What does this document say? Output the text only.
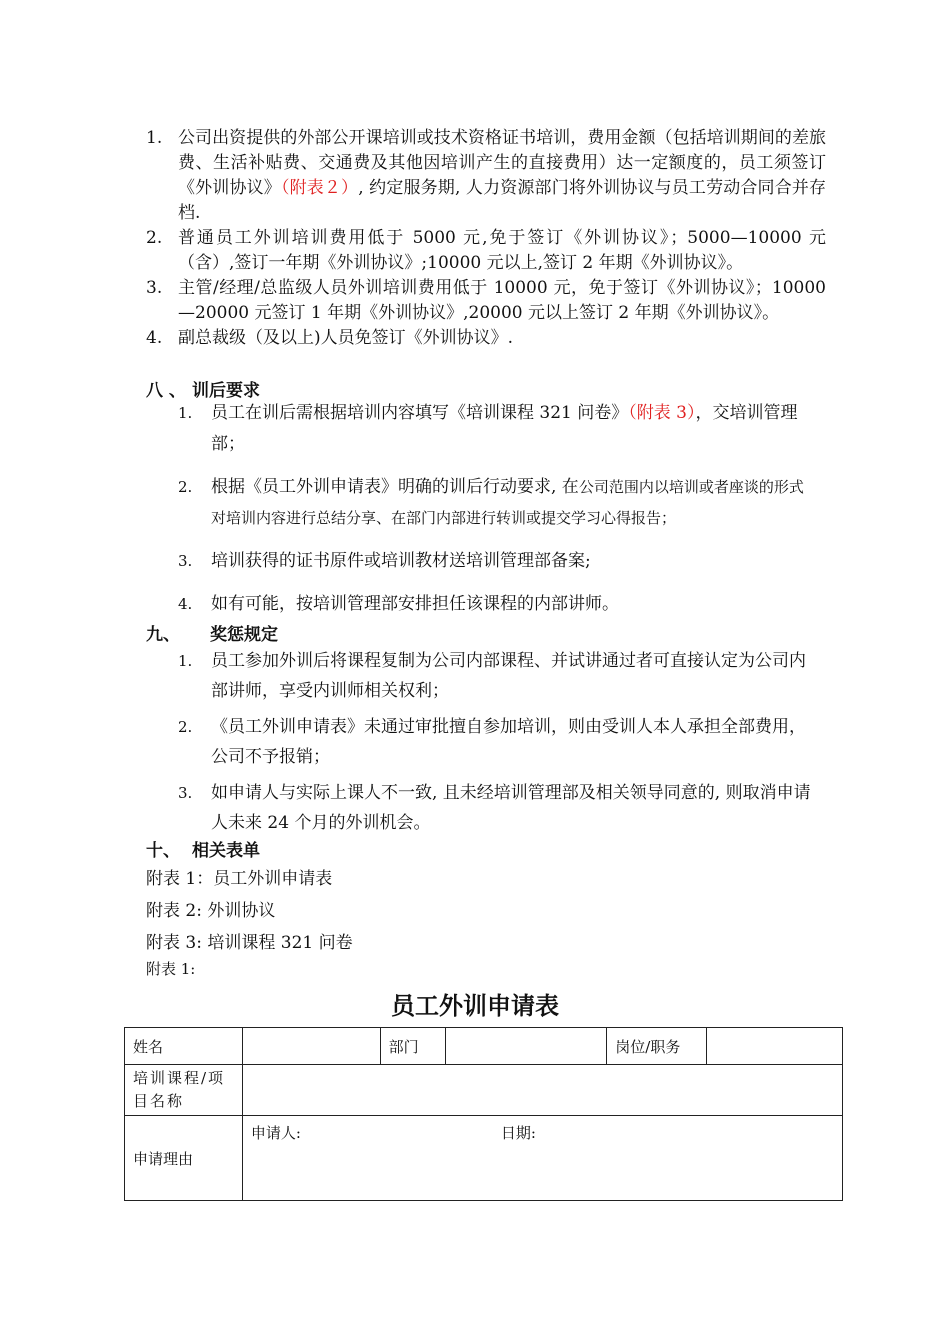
1. 公司出资提供的外部公开课培训或技术资格证书培训，费用金额（包括培训期间的差旅费、生活补贴费、交通费及其他因培训产生的直接费用）达一定额度的，员工须签订《外训协议》（附表２）, 约定服务期, 人力资源部门将外训协议与员工劳动合同合并存档.
2. 普通员工外训培训费用低于 5000 元,免于签订《外训协议》；5000—10000 元（含）,签订一年期《外训协议》;10000 元以上,签订 2 年期《外训协议》。
3. 主管/经理/总监级人员外训培训费用低于 10000 元，免于签订《外训协议》；10000—20000 元签订 1 年期《外训协议》,20000 元以上签订 2 年期《外训协议》。
4. 副总裁级（及以上)人员免签订《外训协议》.
八 、 训后要求
1.	员工在训后需根据培训内容填写《培训课程 321 问卷》（附表 3），交培训管理部；
2.	根据《员工外训申请表》明确的训后行动要求, 在公司范围内以培训或者座谈的形式对培训内容进行总结分享、在部门内部进行转训或提交学习心得报告；
3.	培训获得的证书原件或培训教材送培训管理部备案;
4.	如有可能，按培训管理部安排担任该课程的内部讲师。
九、 奖惩规定
1.	员工参加外训后将课程复制为公司内部课程、并试讲通过者可直接认定为公司内部讲师，享受内训师相关权利；
2.	《员工外训申请表》未通过审批擅自参加培训，则由受训人本人承担全部费用，公司不予报销；
3.	如申请人与实际上课人不一致, 且未经培训管理部及相关领导同意的, 则取消申请人未来 24 个月的外训机会。
十、 相关表单
附表 1：员工外训申请表
附表 2: 外训协议
附表 3: 培训课程 321 问卷
附表 1:
员工外训申请表
姓名		部门		岗位/职务	
培训课程/项目名称					
申请理由	申请人: 日期:				
